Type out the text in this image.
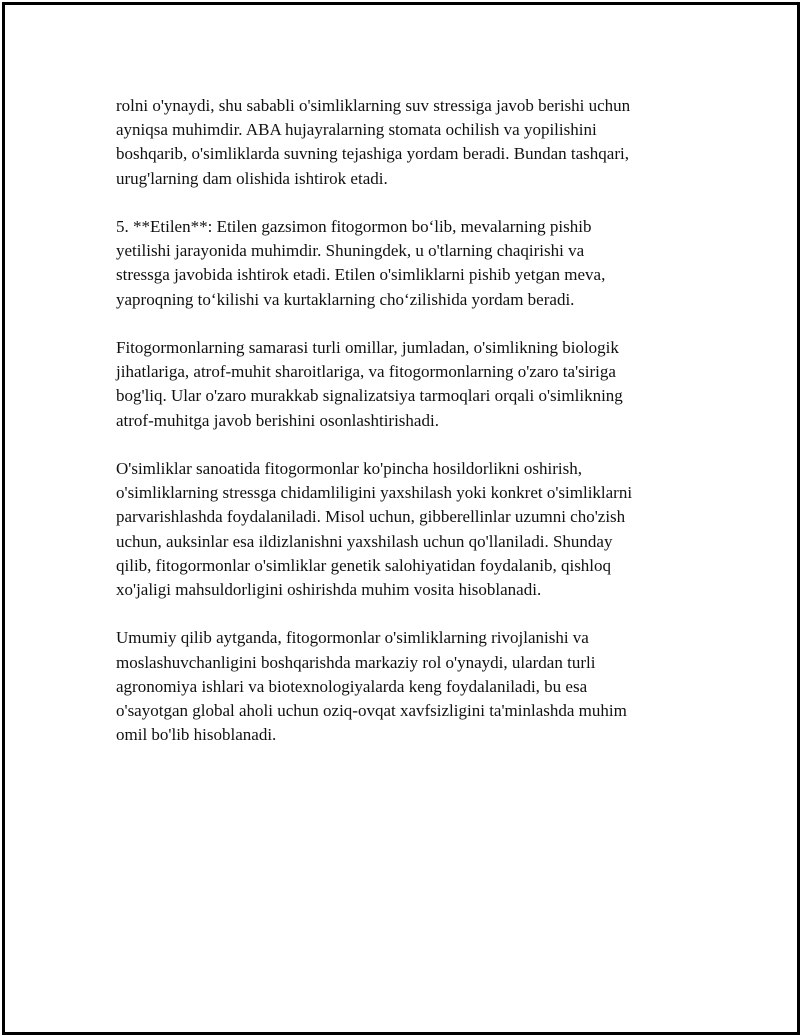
rolni o'ynaydi, shu sababli o'simliklarning suv stressiga javob berishi uchun
ayniqsa muhimdir. ABA hujayralarning stomata ochilish va yopilishini
boshqarib, o'simliklarda suvning tejashiga yordam beradi. Bundan tashqari,
urug'larning dam olishida ishtirok etadi.

5. **Etilen**: Etilen gazsimon fitogormon bo‘lib, mevalarning pishib
yetilishi jarayonida muhimdir. Shuningdek, u o'tlarning chaqirishi va
stressga javobida ishtirok etadi. Etilen o'simliklarni pishib yetgan meva,
yaproqning to‘kilishi va kurtaklarning cho‘zilishida yordam beradi.

Fitogormonlarning samarasi turli omillar, jumladan, o'simlikning biologik
jihatlariga, atrof-muhit sharoitlariga, va fitogormonlarning o'zaro ta'siriga
bog'liq. Ular o'zaro murakkab signalizatsiya tarmoqlari orqali o'simlikning
atrof-muhitga javob berishini osonlashtirishadi.

O'simliklar sanoatida fitogormonlar ko'pincha hosildorlikni oshirish,
o'simliklarning stressga chidamliligini yaxshilash yoki konkret o'simliklarni
parvarishlashda foydalaniladi. Misol uchun, gibberellinlar uzumni cho'zish
uchun, auksinlar esa ildizlanishni yaxshilash uchun qo'llaniladi. Shunday
qilib, fitogormonlar o'simliklar genetik salohiyatidan foydalanib, qishloq
xo'jaligi mahsuldorligini oshirishda muhim vosita hisoblanadi.

Umumiy qilib aytganda, fitogormonlar o'simliklarning rivojlanishi va
moslashuvchanligini boshqarishda markaziy rol o'ynaydi, ulardan turli
agronomiya ishlari va biotexnologiyalarda keng foydalaniladi, bu esa
o'sayotgan global aholi uchun oziq-ovqat xavfsizligini ta'minlashda muhim
omil bo'lib hisoblanadi.
